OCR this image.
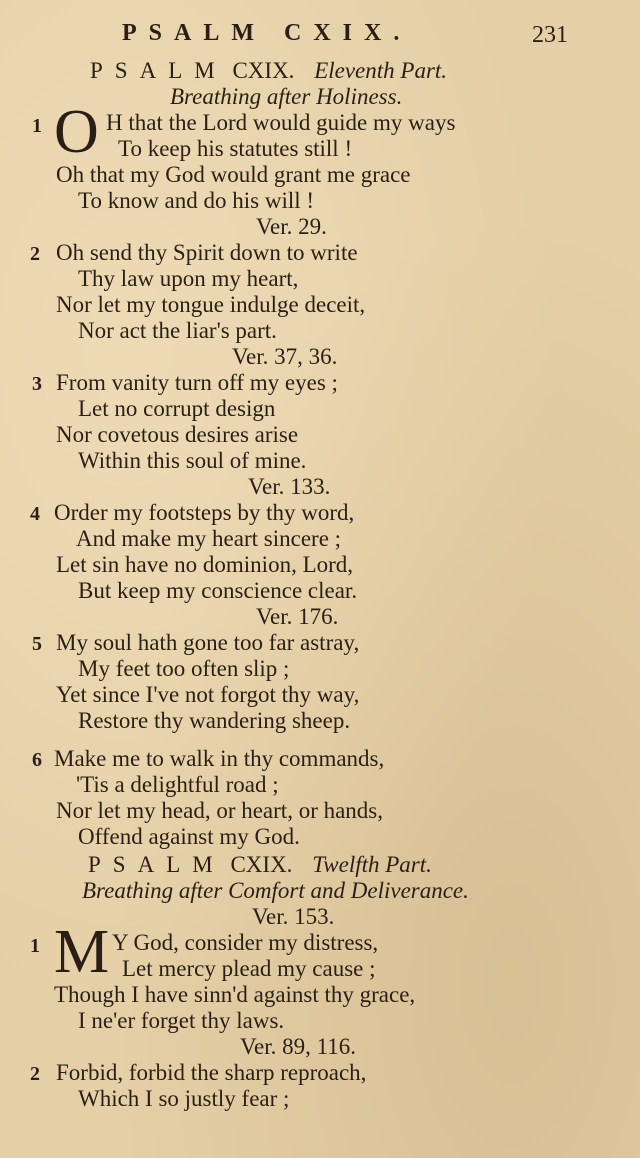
PSALM CXIX.	231
PSALM CXIX. Eleventh Part.
Breathing after Holiness.
1 O H that the Lord would guide my ways
To keep his statutes still !
Oh that my God would grant me grace
To know and do his will !
Ver. 29.
2 Oh send thy Spirit down to write
Thy law upon my heart,
Nor let my tongue indulge deceit,
Nor act the liar's part.
Ver. 37, 36.
3 From vanity turn off my eyes ;
Let no corrupt design
Nor covetous desires arise
Within this soul of mine.
Ver. 133.
4 Order my footsteps by thy word,
And make my heart sincere ;
Let sin have no dominion, Lord,
But keep my conscience clear.
Ver. 176.
5 My soul hath gone too far astray,
My feet too often slip ;
Yet since I've not forgot thy way,
Restore thy wandering sheep.
6 Make me to walk in thy commands,
'Tis a delightful road ;
Nor let my head, or heart, or hands,
Offend against my God.
PSALM CXIX. Twelfth Part.
Breathing after Comfort and Deliverance.
Ver. 153.
1 M Y God, consider my distress,
Let mercy plead my cause ;
Though I have sinn'd against thy grace,
I ne'er forget thy laws.
Ver. 89, 116.
2 Forbid, forbid the sharp reproach,
Which I so justly fear ;
